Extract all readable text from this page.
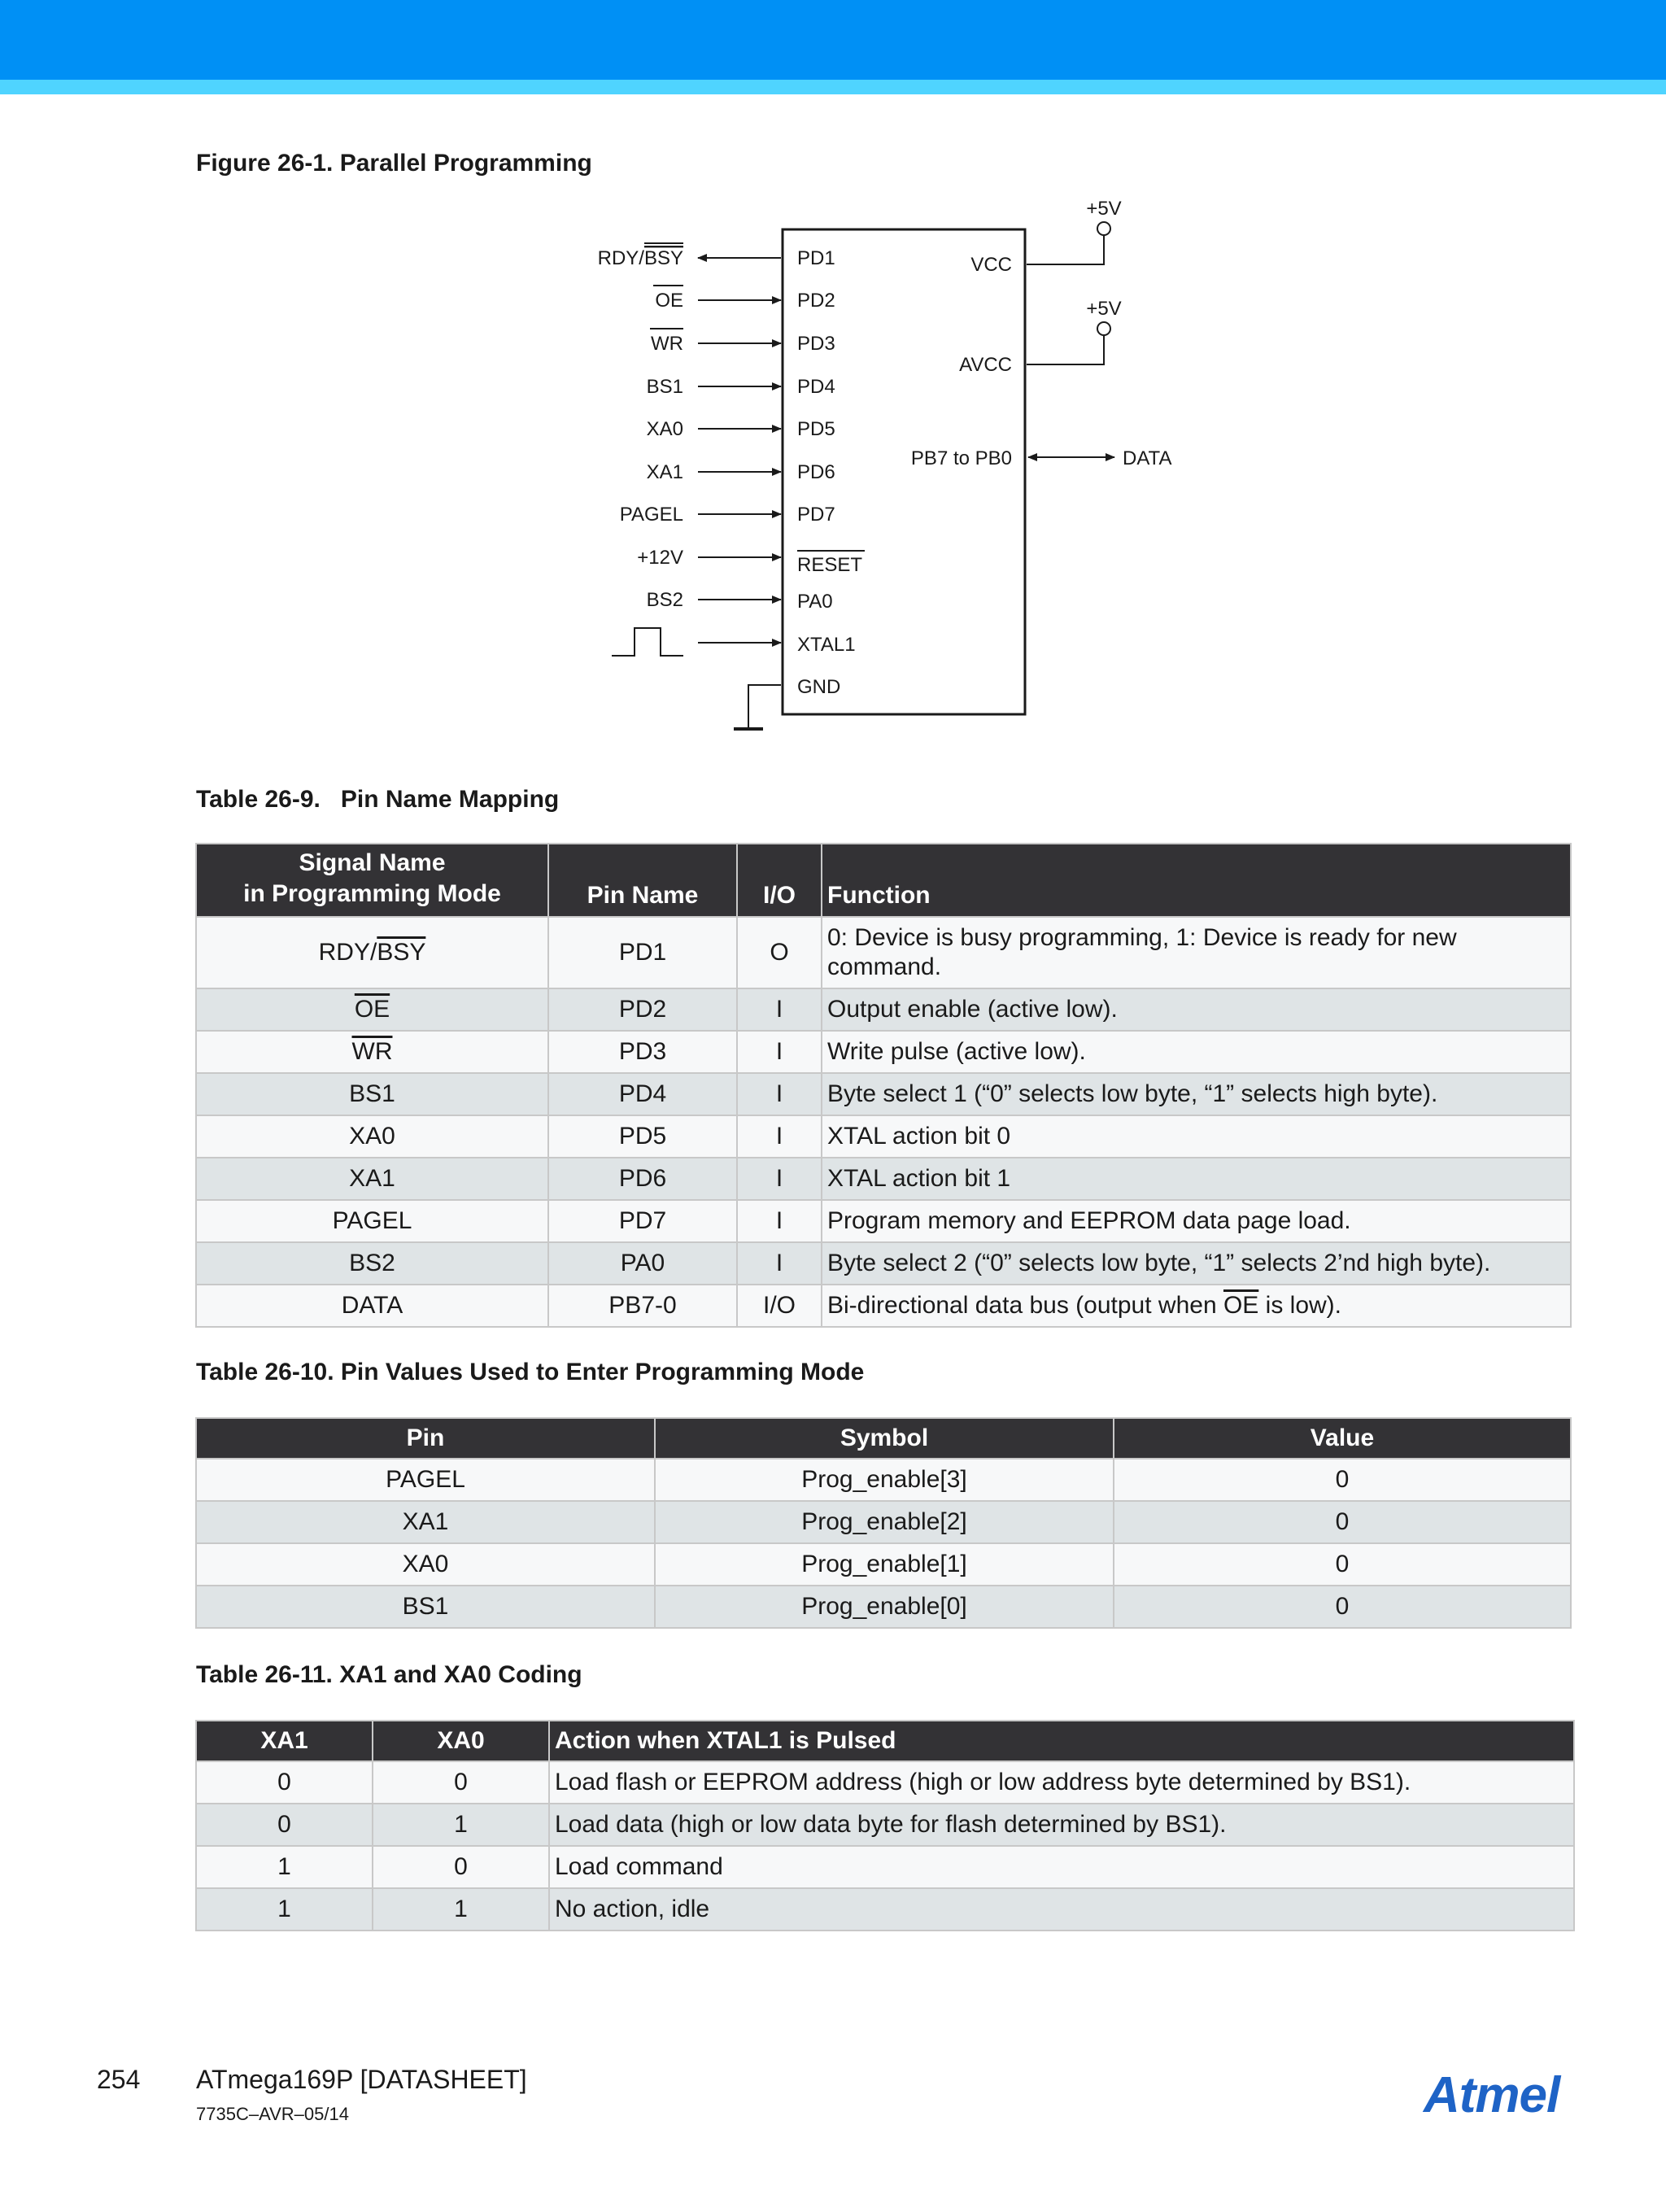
Figure 26-1. Parallel Programming
RDY/BSY
OE
WR
BS1
XA0
XA1
PAGEL
+12V
BS2
PD1
PD2
PD3
PD4
PD5
PD6
PD7
RESET
PA0
XTAL1
GND
VCC
AVCC
PB7 to PB0
+5V
+5V
DATA
Table 26-9. Pin Name Mapping
Signal Name
in Programming Mode	Pin Name	I/O	Function
RDY/$\overline{BSY}$	PD1	O	0: Device is busy programming, 1: Device is ready for new command.
$\overline{OE}$	PD2	I	Output enable (active low).
$\overline{WR}$	PD3	I	Write pulse (active low).
BS1	PD4	I	Byte select 1 (“0” selects low byte, “1” selects high byte).
XA0	PD5	I	XTAL action bit 0
XA1	PD6	I	XTAL action bit 1
PAGEL	PD7	I	Program memory and EEPROM data page load.
BS2	PA0	I	Byte select 2 (“0” selects low byte, “1” selects 2’nd high byte).
DATA	PB7-0	I/O	Bi-directional data bus (output when $\overline{OE}$ is low).
Table 26-10. Pin Values Used to Enter Programming Mode
Pin	Symbol	Value
PAGEL	Prog_enable[3]	0
XA1	Prog_enable[2]	0
XA0	Prog_enable[1]	0
BS1	Prog_enable[0]	0
Table 26-11. XA1 and XA0 Coding
XA1	XA0	Action when XTAL1 is Pulsed
0	0	Load flash or EEPROM address (high or low address byte determined by BS1).
0	1	Load data (high or low data byte for flash determined by BS1).
1	0	Load command
1	1	No action, idle
254 ATmega169P [DATASHEET]
7735C–AVR–05/14	Atmel
